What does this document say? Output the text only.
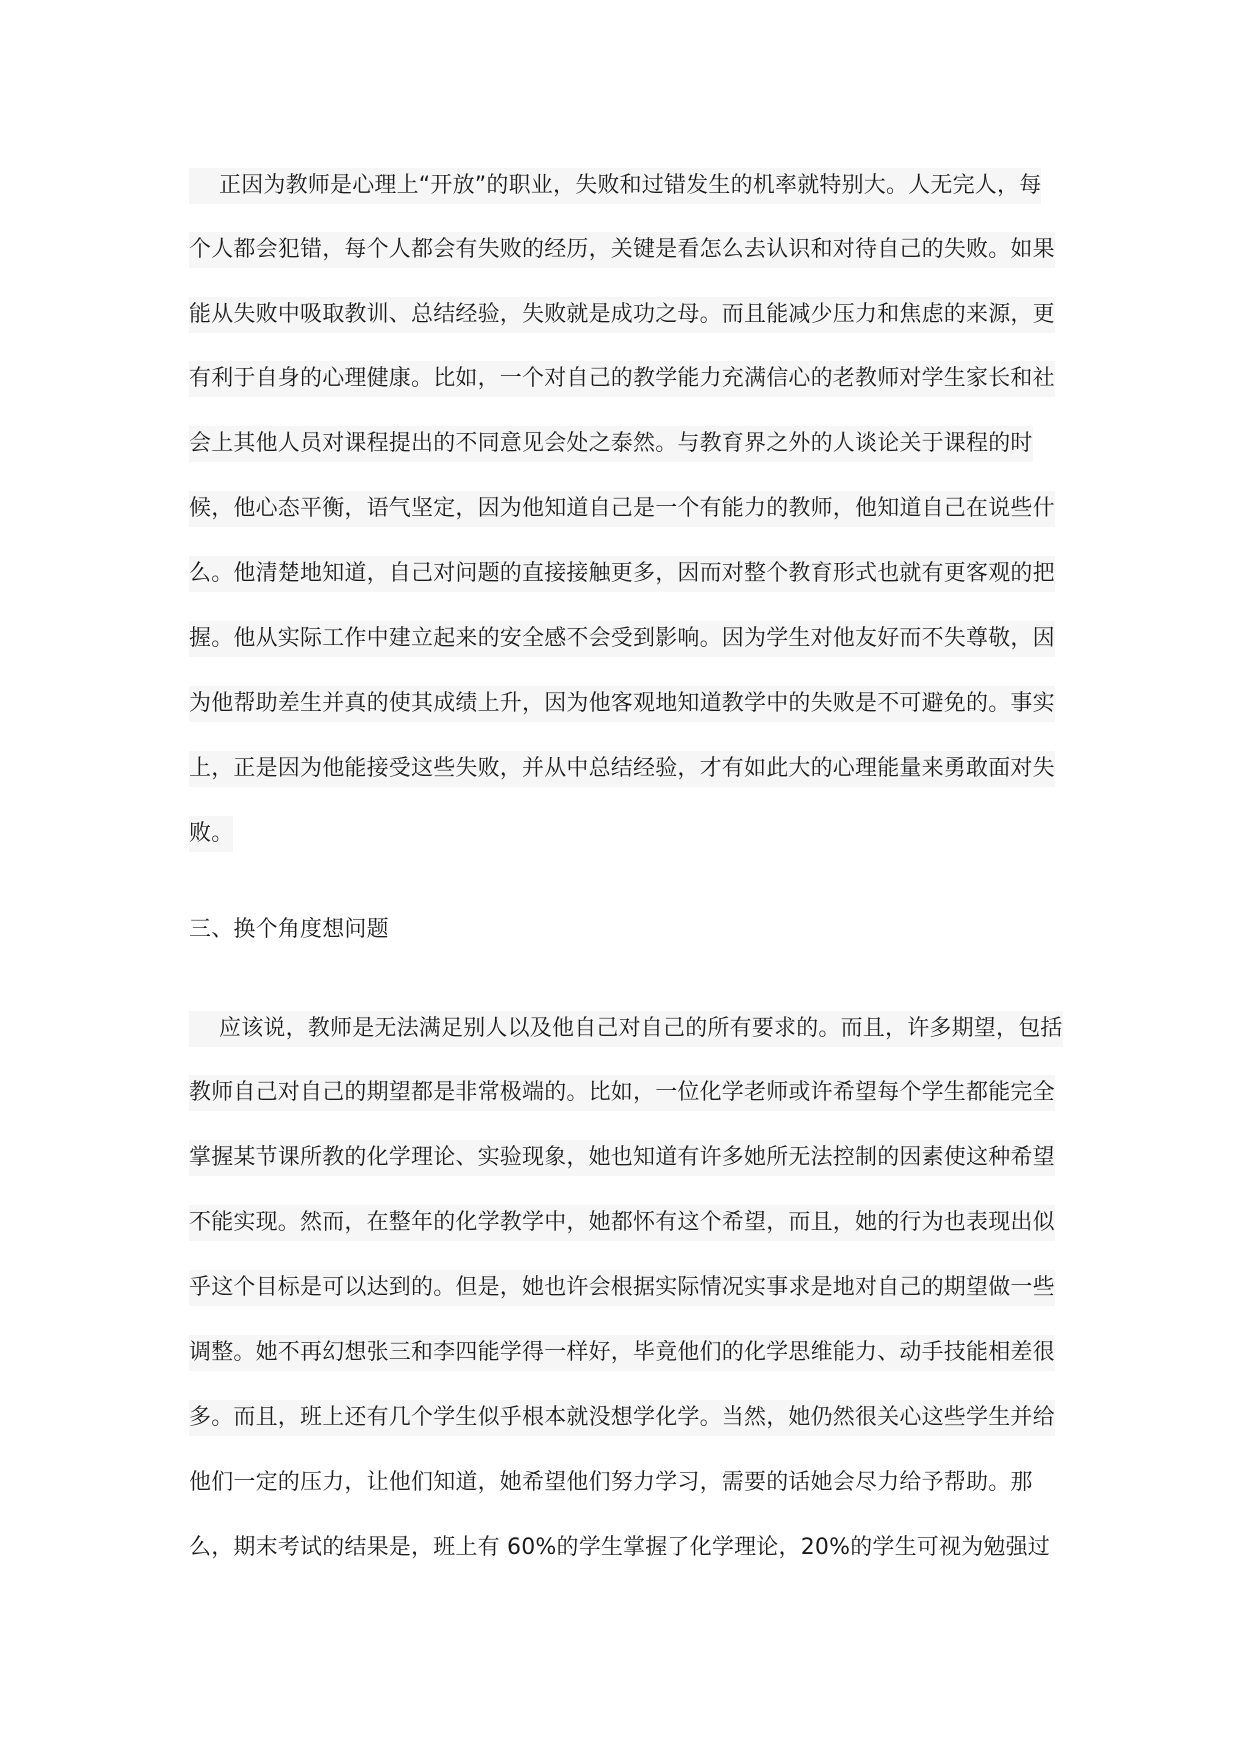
正因为教师是心理上“开放”的职业，失败和过错发生的机率就特别大。人无完人，每
个人都会犯错，每个人都会有失败的经历，关键是看怎么去认识和对待自己的失败。如果
能从失败中吸取教训、总结经验，失败就是成功之母。而且能减少压力和焦虑的来源，更
有利于自身的心理健康。比如，一个对自己的教学能力充满信心的老教师对学生家长和社
会上其他人员对课程提出的不同意见会处之泰然。与教育界之外的人谈论关于课程的时
候，他心态平衡，语气坚定，因为他知道自己是一个有能力的教师，他知道自己在说些什
么。他清楚地知道，自己对问题的直接接触更多，因而对整个教育形式也就有更客观的把
握。他从实际工作中建立起来的安全感不会受到影响。因为学生对他友好而不失尊敬，因
为他帮助差生并真的使其成绩上升，因为他客观地知道教学中的失败是不可避免的。事实
上，正是因为他能接受这些失败，并从中总结经验，才有如此大的心理能量来勇敢面对失
败。
三、换个角度想问题
应该说，教师是无法满足别人以及他自己对自己的所有要求的。而且，许多期望，包括
教师自己对自己的期望都是非常极端的。比如，一位化学老师或许希望每个学生都能完全
掌握某节课所教的化学理论、实验现象，她也知道有许多她所无法控制的因素使这种希望
不能实现。然而，在整年的化学教学中，她都怀有这个希望，而且，她的行为也表现出似
乎这个目标是可以达到的。但是，她也许会根据实际情况实事求是地对自己的期望做一些
调整。她不再幻想张三和李四能学得一样好，毕竟他们的化学思维能力、动手技能相差很
多。而且，班上还有几个学生似乎根本就没想学化学。当然，她仍然很关心这些学生并给
他们一定的压力，让他们知道，她希望他们努力学习，需要的话她会尽力给予帮助。那
么，期末考试的结果是，班上有 60%的学生掌握了化学理论，20%的学生可视为勉强过
